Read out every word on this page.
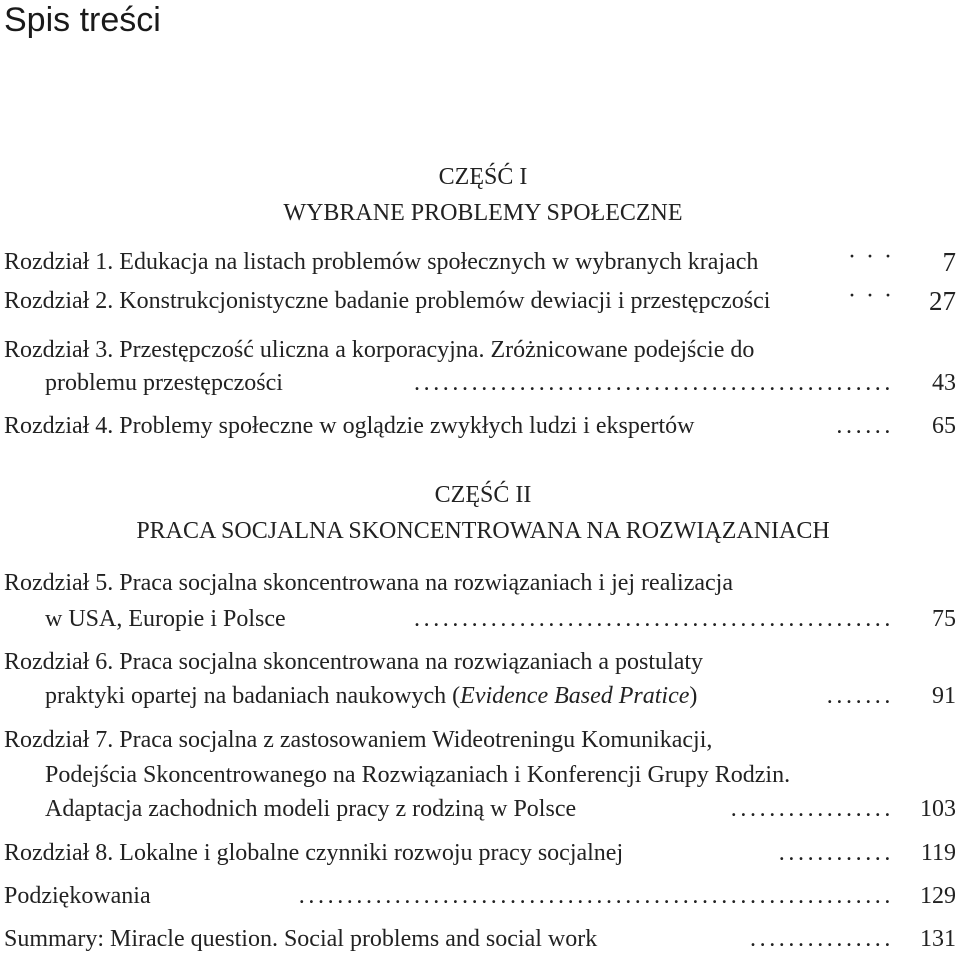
Spis treści
CZĘŚĆ I
WYBRANE PROBLEMY SPOŁECZNE
Rozdział 1. Edukacja na listach problemów społecznych w wybranych krajach	· · ·	7
Rozdział 2. Konstrukcjonistyczne badanie problemów dewiacji i przestępczości	· · ·	27
Rozdział 3. Przestępczość uliczna a korporacyjna. Zróżnicowane podejście do
problemu przestępczości	..................................................	43
Rozdział 4. Problemy społeczne w oglądzie zwykłych ludzi i ekspertów	......	65
CZĘŚĆ II
PRACA SOCJALNA SKONCENTROWANA NA ROZWIĄZANIACH
Rozdział 5. Praca socjalna skoncentrowana na rozwiązaniach i jej realizacja
w USA, Europie i Polsce	..................................................	75
Rozdział 6. Praca socjalna skoncentrowana na rozwiązaniach a postulaty
praktyki opartej na badaniach naukowych (Evidence Based Pratice)	.......	91
Rozdział 7. Praca socjalna z zastosowaniem Wideotreningu Komunikacji,
Podejścia Skoncentrowanego na Rozwiązaniach i Konferencji Grupy Rodzin.
Adaptacja zachodnich modeli pracy z rodziną w Polsce	.................	103
Rozdział 8. Lokalne i globalne czynniki rozwoju pracy socjalnej	............	119
Podziękowania	..............................................................	129
Summary: Miracle question. Social problems and social work	...............	131
